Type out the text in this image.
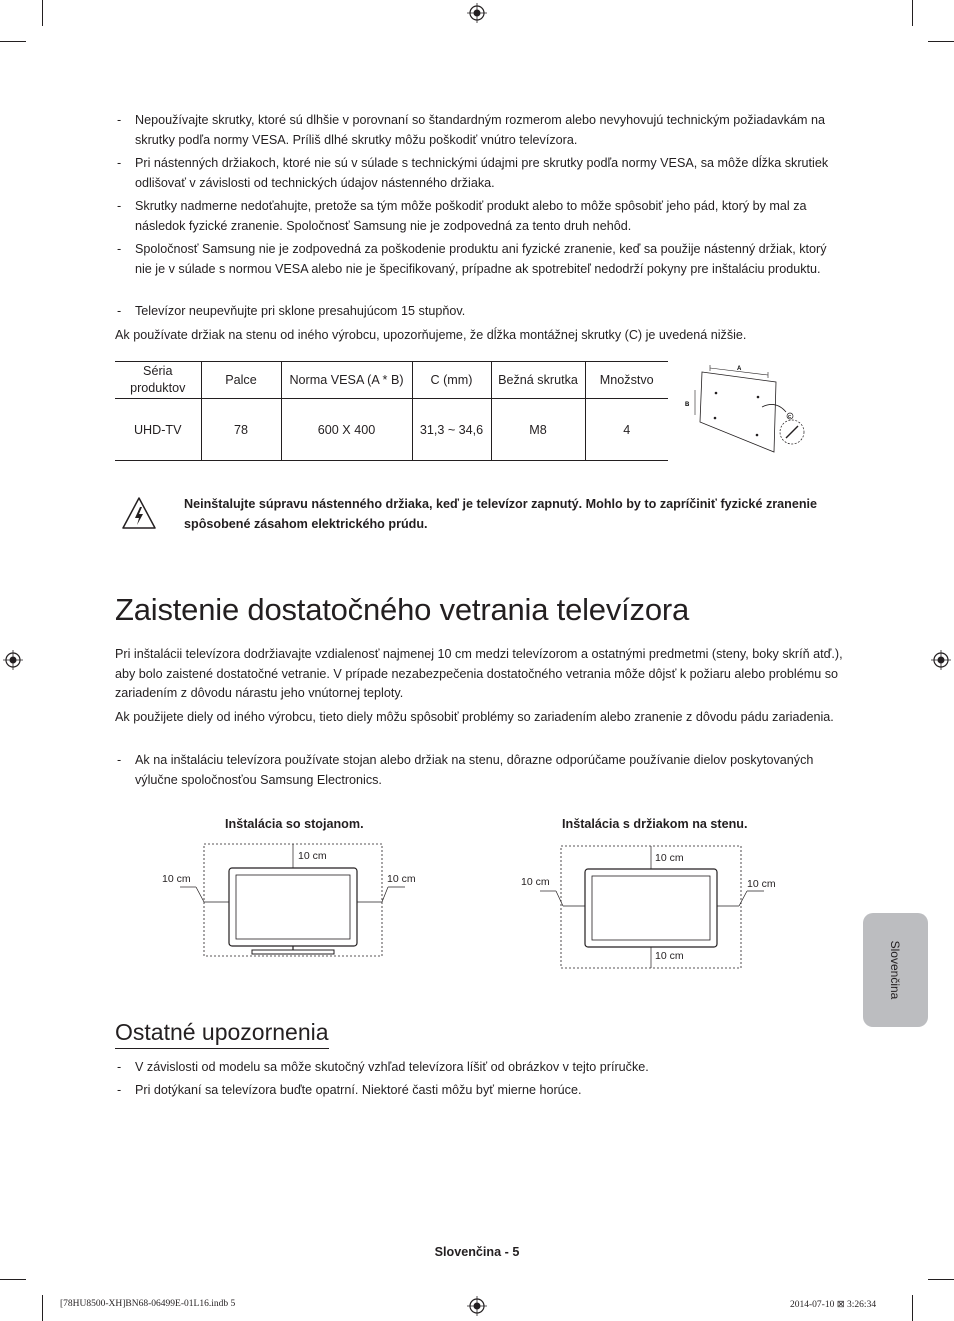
- Nepoužívajte skrutky, ktoré sú dlhšie v porovnaní so štandardným rozmerom alebo nevyhovujú technickým požiadavkám na skrutky podľa normy VESA. Príliš dlhé skrutky môžu poškodiť vnútro televízora.
- Pri nástenných držiakoch, ktoré nie sú v súlade s technickými údajmi pre skrutky podľa normy VESA, sa môže dĺžka skrutiek odlišovať v závislosti od technických údajov nástenného držiaka.
- Skrutky nadmerne nedoťahujte, pretože sa tým môže poškodiť produkt alebo to môže spôsobiť jeho pád, ktorý by mal za následok fyzické zranenie. Spoločnosť Samsung nie je zodpovedná za tento druh nehôd.
- Spoločnosť Samsung nie je zodpovedná za poškodenie produktu ani fyzické zranenie, keď sa použije nástenný držiak, ktorý nie je v súlade s normou VESA alebo nie je špecifikovaný, prípadne ak spotrebiteľ nedodrží pokyny pre inštaláciu produktu.
- Televízor neupevňujte pri sklone presahujúcom 15 stupňov.
Ak používate držiak na stenu od iného výrobcu, upozorňujeme, že dĺžka montážnej skrutky (C) je uvedená nižšie.
Séria produktov	Palce	Norma VESA (A * B)	C (mm)	Bežná skrutka	Množstvo
UHD-TV	78	600 X 400	31,3 ~ 34,6	M8	4
A
B
C
Neinštalujte súpravu nástenného držiaka, keď je televízor zapnutý. Mohlo by to zapríčiniť fyzické zranenie spôsobené zásahom elektrického prúdu.
Zaistenie dostatočného vetrania televízora
Pri inštalácii televízora dodržiavajte vzdialenosť najmenej 10 cm medzi televízorom a ostatnými predmetmi (steny, boky skríň atď.), aby bolo zaistené dostatočné vetranie. V prípade nezabezpečenia dostatočného vetrania môže dôjsť k požiaru alebo problému so zariadením z dôvodu nárastu jeho vnútornej teploty.
Ak použijete diely od iného výrobcu, tieto diely môžu spôsobiť problémy so zariadením alebo zranenie z dôvodu pádu zariadenia.
- Ak na inštaláciu televízora používate stojan alebo držiak na stenu, dôrazne odporúčame používanie dielov poskytovaných výlučne spoločnosťou Samsung Electronics.
Inštalácia so stojanom.
10 cm
10 cm	10 cm
Inštalácia s držiakom na stenu.
10 cm
10 cm	10 cm
10 cm
Ostatné upozornenia
- V závislosti od modelu sa môže skutočný vzhľad televízora líšiť od obrázkov v tejto príručke.
- Pri dotýkaní sa televízora buďte opatrní. Niektoré časti môžu byť mierne horúce.
Slovenčina
Slovenčina - 5
[78HU8500-XH]BN68-06499E-01L16.indb 5	2014-07-10 ⊠ 3:26:34
